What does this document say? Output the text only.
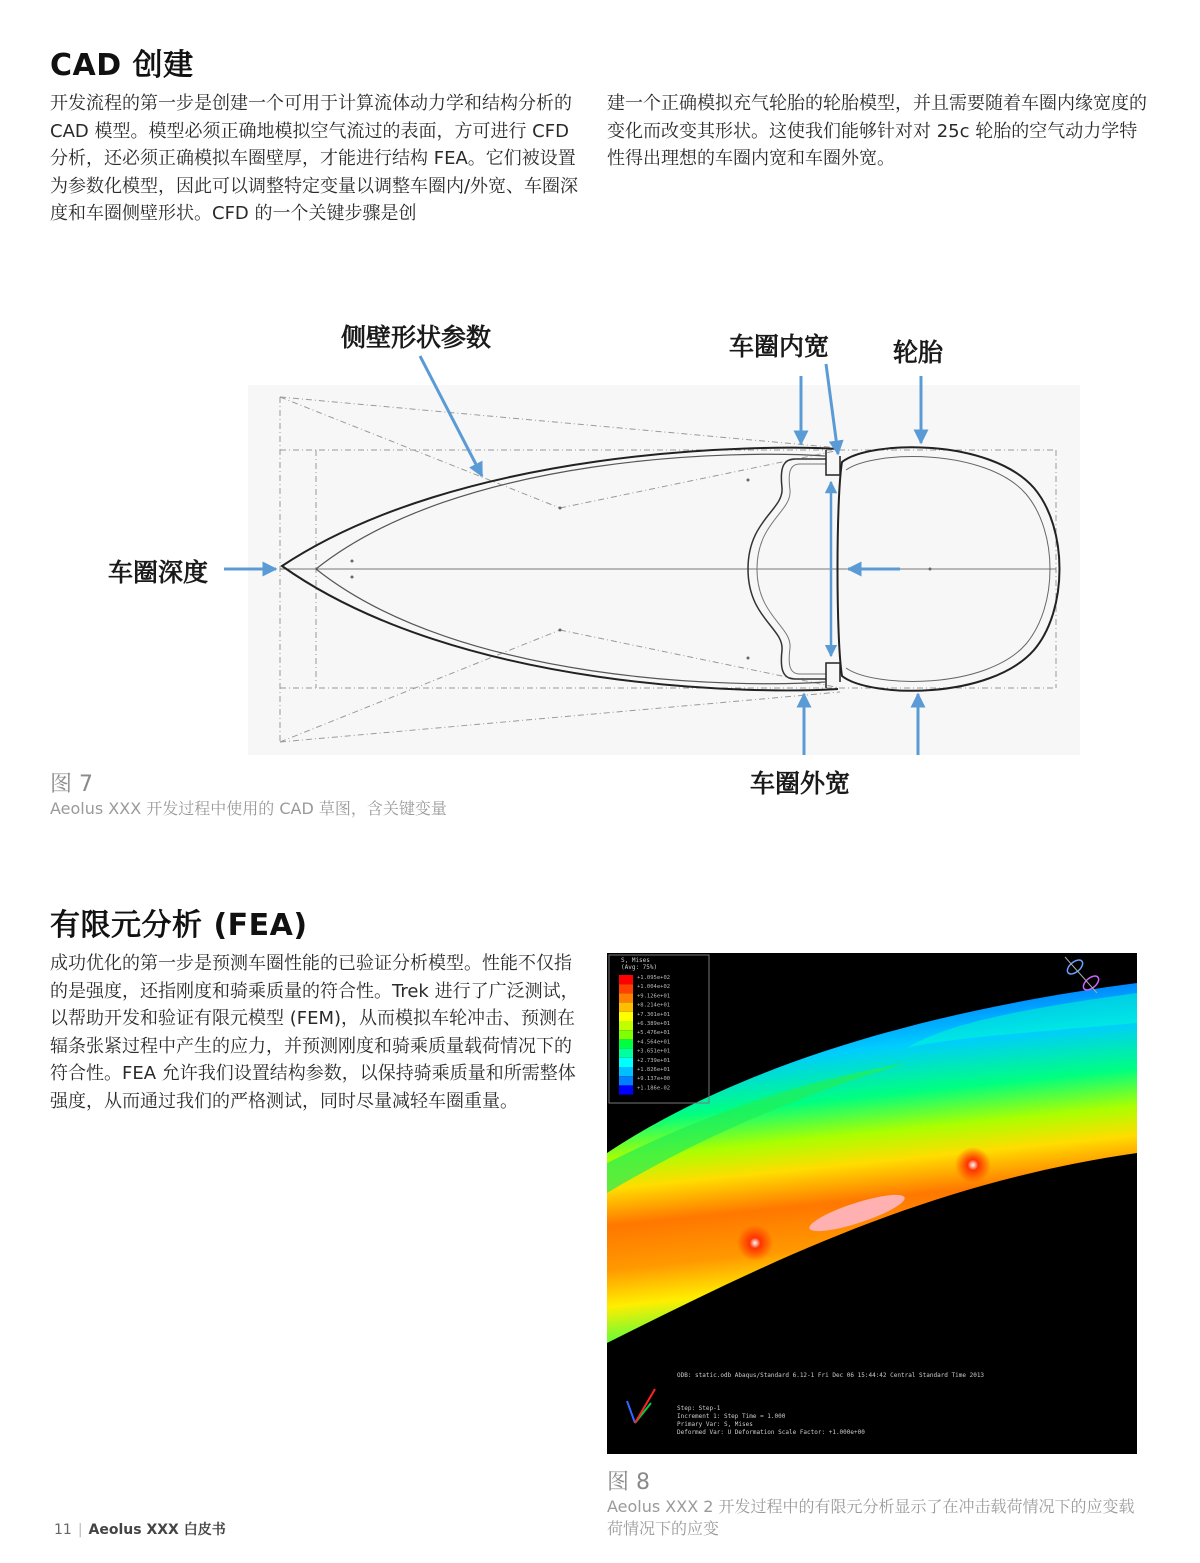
CAD 创建
开发流程的第一步是创建一个可用于计算流体动力学和结构分析的 CAD 模型。模型必须正确地模拟空气流过的表面，方可进行 CFD 分析，还必须正确模拟车圈壁厚，才能进行结构 FEA。它们被设置为参数化模型，因此可以调整特定变量以调整车圈内/外宽、车圈深度和车圈侧壁形状。CFD 的一个关键步骤是创
建一个正确模拟充气轮胎的轮胎模型，并且需要随着车圈内缘宽度的变化而改变其形状。这使我们能够针对对 25c 轮胎的空气动力学特性得出理想的车圈内宽和车圈外宽。
侧壁形状参数	车圈内宽	轮胎
车圈深度
车圈外宽
图 7
Aeolus XXX 开发过程中使用的 CAD 草图，含关键变量
有限元分析 (FEA)
成功优化的第一步是预测车圈性能的已验证分析模型。性能不仅指的是强度，还指刚度和骑乘质量的符合性。Trek 进行了广泛测试，以帮助开发和验证有限元模型 (FEM)，从而模拟车轮冲击、预测在辐条张紧过程中产生的应力，并预测刚度和骑乘质量载荷情况下的符合性。FEA 允许我们设置结构参数，以保持骑乘质量和所需整体强度，从而通过我们的严格测试，同时尽量减轻车圈重量。
S, Mises
(Avg: 75%)
+1.095e+02
+1.004e+02
+9.126e+01
+8.214e+01
+7.301e+01
+6.389e+01
+5.476e+01
+4.564e+01
+3.651e+01
+2.739e+01
+1.826e+01
+9.137e+00
+1.186e-02
ODB: static.odb Abaqus/Standard 6.12-1 Fri Dec 06 15:44:42 Central Standard Time 2013
Step: Step-1
Increment 1: Step Time = 1.000
Primary Var: S, Mises
Deformed Var: U Deformation Scale Factor: +1.000e+00
图 8
Aeolus XXX 2 开发过程中的有限元分析显示了在冲击载荷情况下的应变载荷情况下的应变
11 | Aeolus XXX 白皮书
